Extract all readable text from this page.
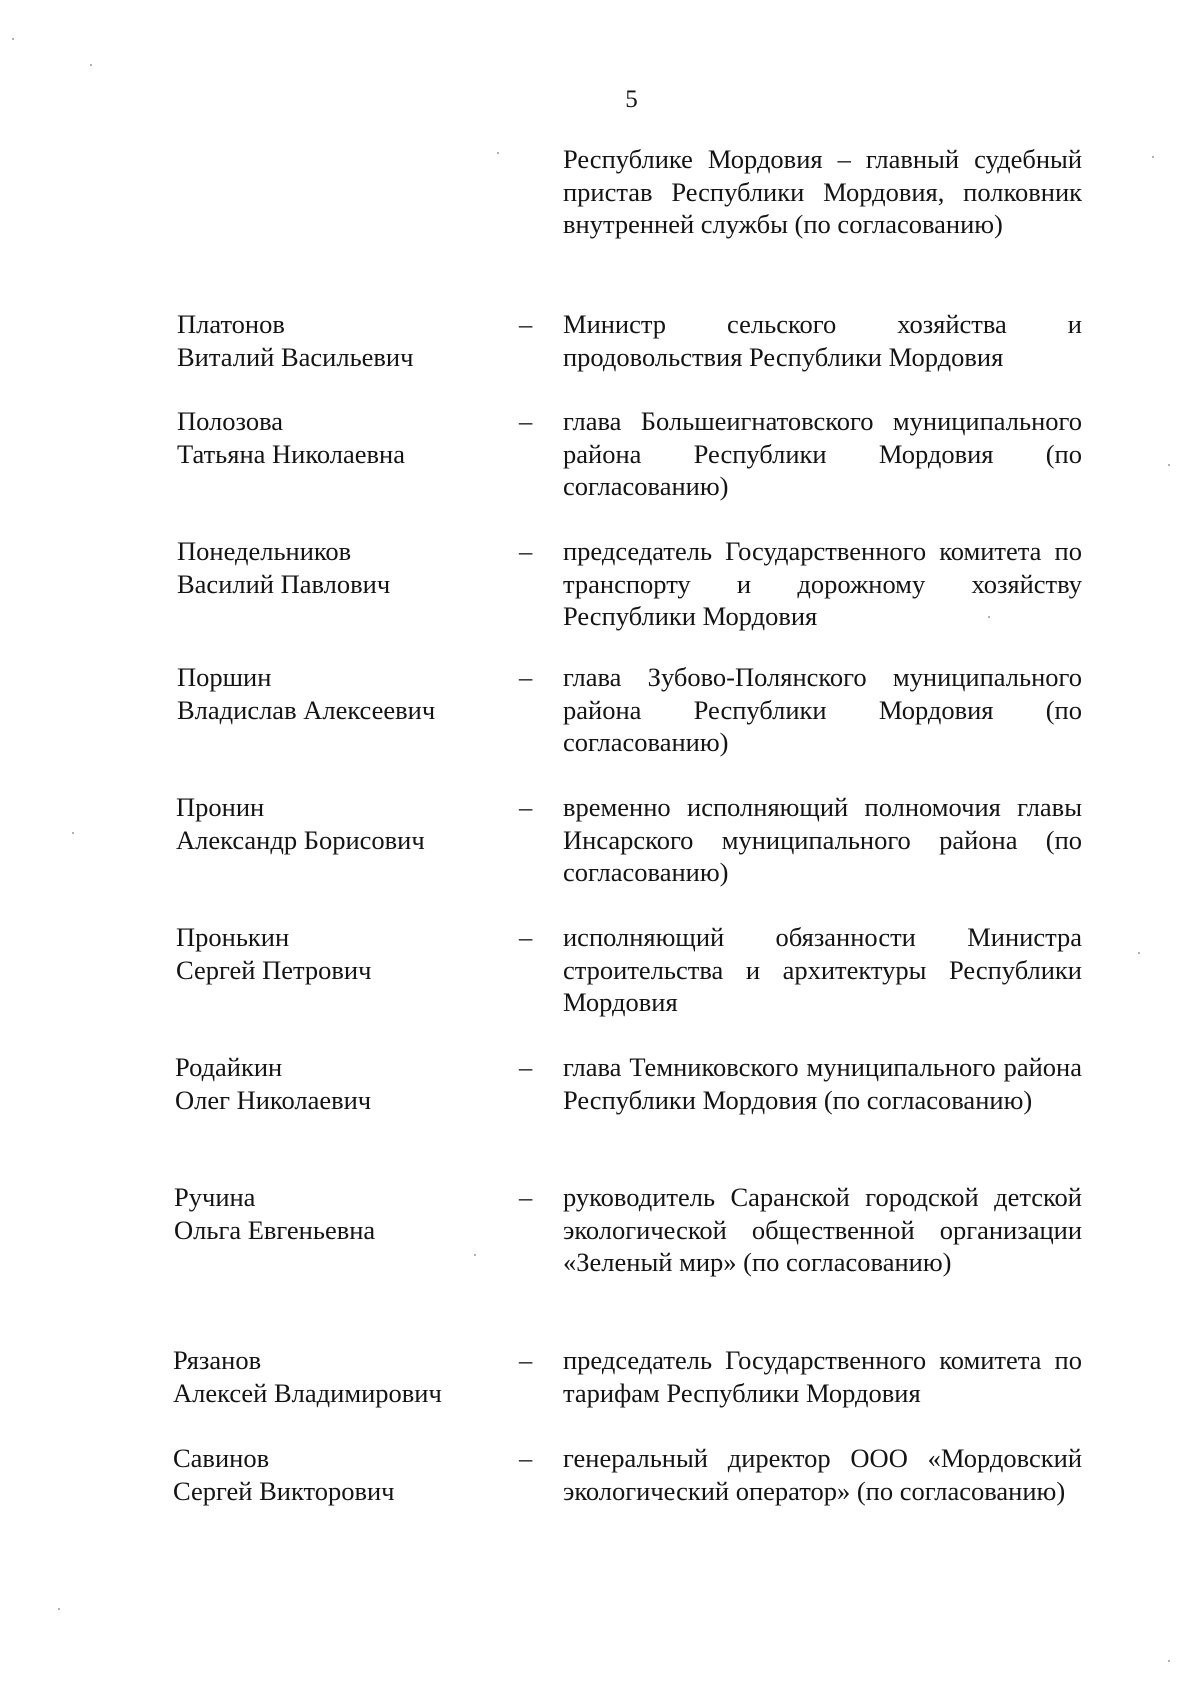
5
Республике Мордовия – главный судебный пристав Республики Мордовия, полковник внутренней службы (по согласованию)
Платонов
Виталий Васильевич
– Министр сельского хозяйства и продовольствия Республики Мордовия
Полозова
Татьяна Николаевна
– глава Большеигнатовского муниципального района Республики Мордовия (по согласованию)
Понедельников
Василий Павлович
– председатель Государственного комитета по транспорту и дорожному хозяйству Республики Мордовия
Поршин
Владислав Алексеевич
– глава Зубово-Полянского муниципального района Республики Мордовия (по согласованию)
Пронин
Александр Борисович
– временно исполняющий полномочия главы Инсарского муниципального района (по согласованию)
Пронькин
Сергей Петрович
– исполняющий обязанности Министра строительства и архитектуры Республики Мордовия
Родайкин
Олег Николаевич
– глава Темниковского муниципального района Республики Мордовия (по согласованию)
Ручина
Ольга Евгеньевна
– руководитель Саранской городской детской экологической общественной организации «Зеленый мир» (по согласованию)
Рязанов
Алексей Владимирович
– председатель Государственного комитета по тарифам Республики Мордовия
Савинов
Сергей Викторович
– генеральный директор ООО «Мордовский экологический оператор» (по согласованию)
